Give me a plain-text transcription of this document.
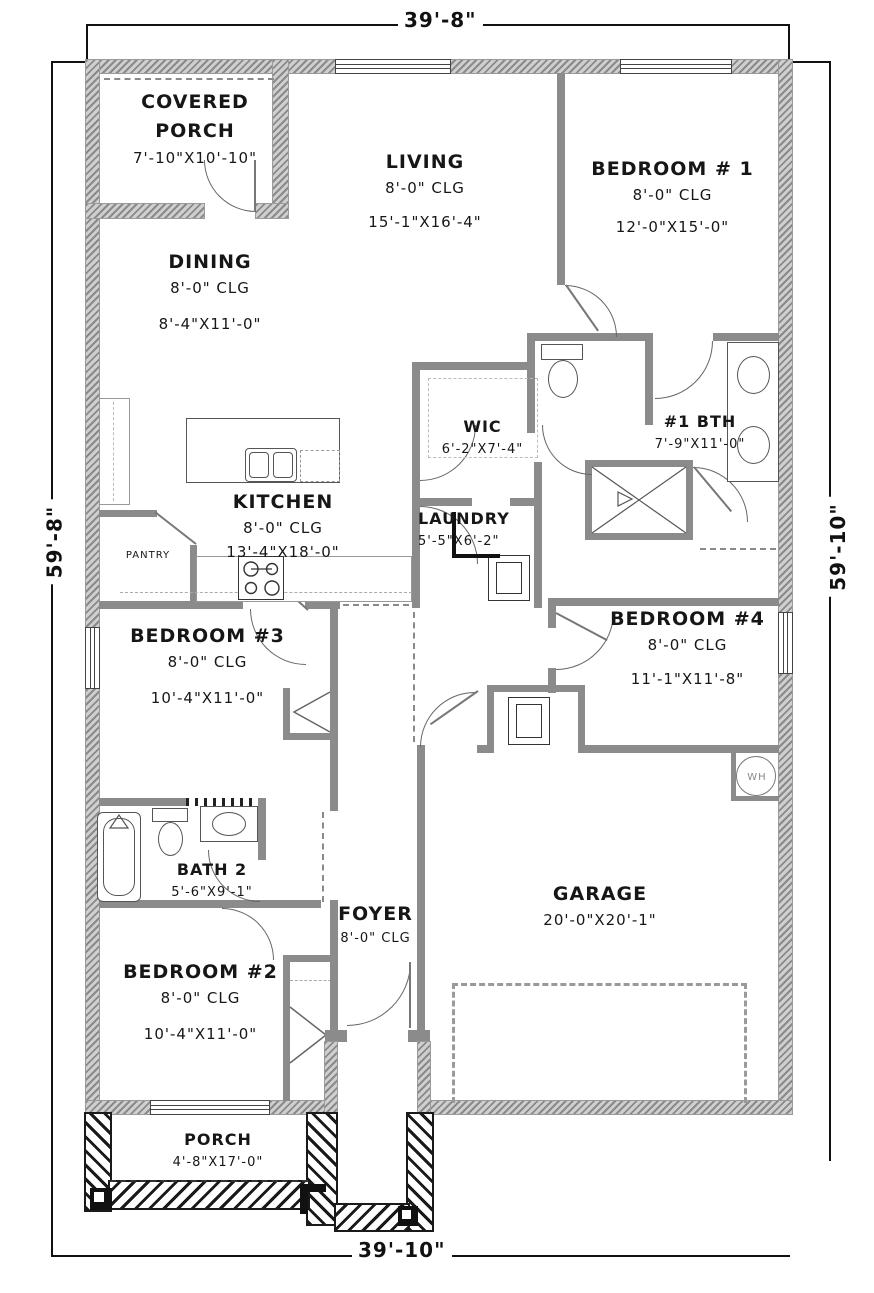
39'-8"
59'-8"	59'-10"
39'-10"
WH
COVERED PORCH
7'-10"X10'-10"	LIVING
8'-0" CLG
15'-1"X16'-4"
BEDROOM # 1
8'-0" CLG
12'-0"X15'-0"
DINING
8'-0" CLG
8'-4"X11'-0"
WIC
6'-2"X7'-4"
#1 BTH
7'-9"X11'-0"
KITCHEN
8'-0" CLG
13'-4"X18'-0"
PANTRY
LAUNDRY
5'-5"X6'-2"
BEDROOM #4
8'-0" CLG
11'-1"X11'-8"
BEDROOM #3
8'-0" CLG
10'-4"X11'-0"
BATH 2
5'-6"X9'-1"
FOYER
8'-0" CLG
GARAGE
20'-0"X20'-1"
BEDROOM #2
8'-0" CLG
10'-4"X11'-0"
PORCH
4'-8"X17'-0"
